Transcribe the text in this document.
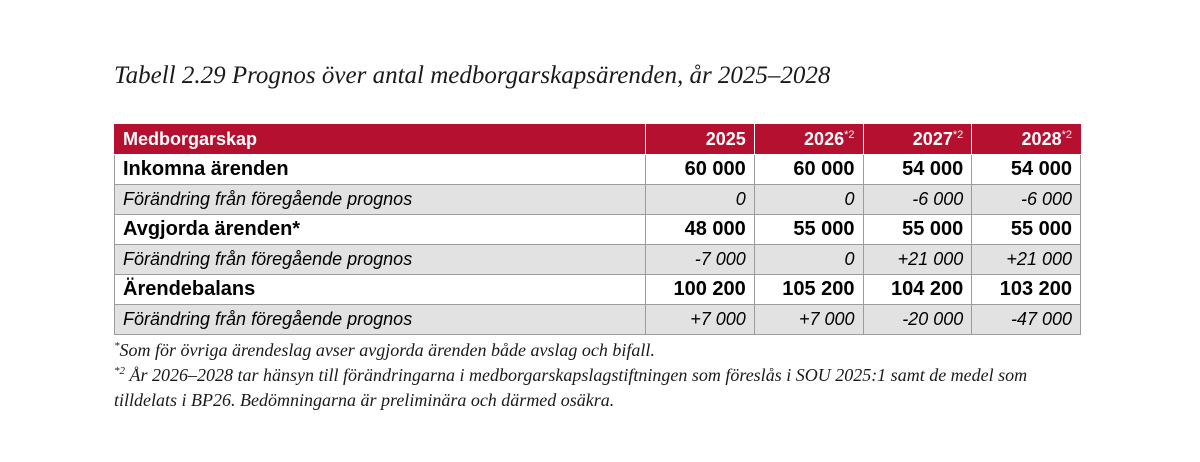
Tabell 2.29 Prognos över antal medborgarskapsärenden, år 2025–2028
Medborgarskap	2025	2026$^{*2}$	2027$^{*2}$	2028$^{*2}$
Inkomna ärenden	60 000	60 000	54 000	54 000
Förändring från föregående prognos	0	0	-6 000	-6 000
Avgjorda ärenden*	48 000	55 000	55 000	55 000
Förändring från föregående prognos	-7 000	0	+21 000	+21 000
Ärendebalans	100 200	105 200	104 200	103 200
Förändring från föregående prognos	+7 000	+7 000	-20 000	-47 000

*Som för övriga ärendeslag avser avgjorda ärenden både avslag och bifall.

$^{*2}$ År 2026–2028 tar hänsyn till förändringarna i medborgarskapslagstiftningen som föreslås i SOU 2025:1 samt de medel som tilldelats i BP26. Bedömningarna är preliminära och därmed osäkra.
